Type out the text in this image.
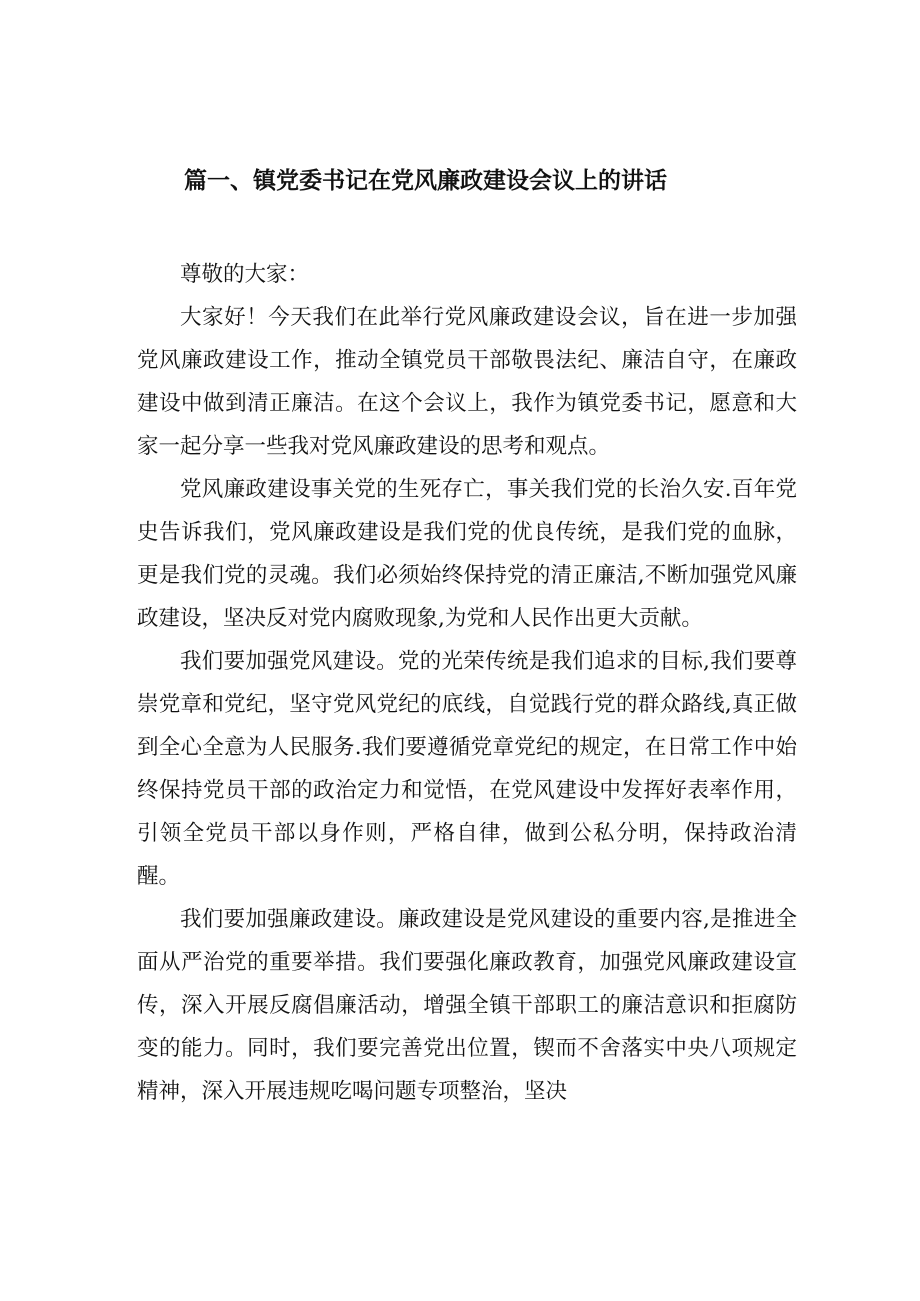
篇一、镇党委书记在党风廉政建设会议上的讲话

尊敬的大家：

大家好！今天我们在此举行党风廉政建设会议，旨在进一步加强党风廉政建设工作，推动全镇党员干部敬畏法纪、廉洁自守，在廉政建设中做到清正廉洁。在这个会议上，我作为镇党委书记，愿意和大家一起分享一些我对党风廉政建设的思考和观点。

党风廉政建设事关党的生死存亡，事关我们党的长治久安.百年党史告诉我们，党风廉政建设是我们党的优良传统，是我们党的血脉，更是我们党的灵魂。我们必须始终保持党的清正廉洁,不断加强党风廉政建设，坚决反对党内腐败现象,为党和人民作出更大贡献。

我们要加强党风建设。党的光荣传统是我们追求的目标,我们要尊崇党章和党纪，坚守党风党纪的底线，自觉践行党的群众路线,真正做到全心全意为人民服务.我们要遵循党章党纪的规定，在日常工作中始终保持党员干部的政治定力和觉悟，在党风建设中发挥好表率作用，引领全党员干部以身作则，严格自律，做到公私分明，保持政治清醒。

我们要加强廉政建设。廉政建设是党风建设的重要内容,是推进全面从严治党的重要举措。我们要强化廉政教育，加强党风廉政建设宣传，深入开展反腐倡廉活动，增强全镇干部职工的廉洁意识和拒腐防变的能力。同时，我们要完善党出位置，锲而不舍落实中央八项规定精神，深入开展违规吃喝问题专项整治，坚决
